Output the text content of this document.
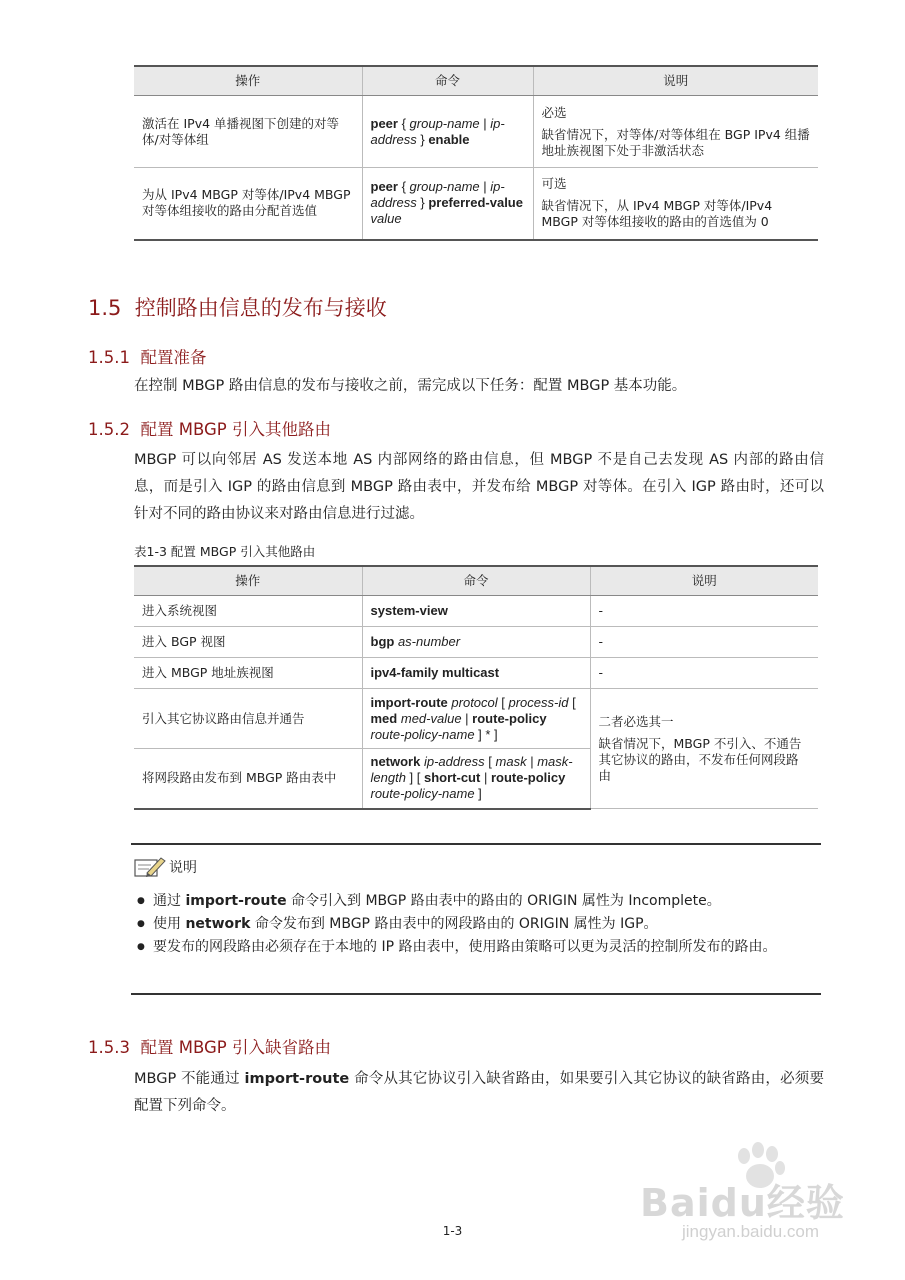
操作	命令	说明
激活在 IPv4 单播视图下创建的对等体/对等体组	peer { group-name | ip-address } enable	必选
缺省情况下，对等体/对等体组在 BGP IPv4 组播地址族视图下处于非激活状态

为从 IPv4 MBGP 对等体/IPv4 MBGP 对等体组接收的路由分配首选值	peer { group-name | ip-address } preferred-value value	可选
缺省情况下，从 IPv4 MBGP 对等体/IPv4 MBGP 对等体组接收的路由的首选值为 0
1.5 控制路由信息的发布与接收
1.5.1 配置准备
在控制 MBGP 路由信息的发布与接收之前，需完成以下任务：配置 MBGP 基本功能。
1.5.2 配置 MBGP 引入其他路由
MBGP 可以向邻居 AS 发送本地 AS 内部网络的路由信息，但 MBGP 不是自己去发现 AS 内部的路由信息，而是引入 IGP 的路由信息到 MBGP 路由表中，并发布给 MBGP 对等体。在引入 IGP 路由时，还可以针对不同的路由协议来对路由信息进行过滤。
表1-3 配置 MBGP 引入其他路由
操作	命令	说明
进入系统视图	system-view	-
进入 BGP 视图	bgp as-number	-
进入 MBGP 地址族视图	ipv4-family multicast	-
引入其它协议路由信息并通告	import-route protocol [ process-id [ med med-value | route-policy route-policy-name ] * ]	二者必选其一
缺省情况下，MBGP 不引入、不通告其它协议的路由，不发布任何网段路由

将网段路由发布到 MBGP 路由表中	network ip-address [ mask | mask-length ] [ short-cut | route-policy route-policy-name ]	
说明
● 通过 import-route 命令引入到 MBGP 路由表中的路由的 ORIGIN 属性为 Incomplete。
● 使用 network 命令发布到 MBGP 路由表中的网段路由的 ORIGIN 属性为 IGP。
● 要发布的网段路由必须存在于本地的 IP 路由表中，使用路由策略可以更为灵活的控制所发布的路由。
1.5.3 配置 MBGP 引入缺省路由
MBGP 不能通过 import-route 命令从其它协议引入缺省路由，如果要引入其它协议的缺省路由，必须要配置下列命令。
Baidu经验
jingyan.baidu.com
1-3
